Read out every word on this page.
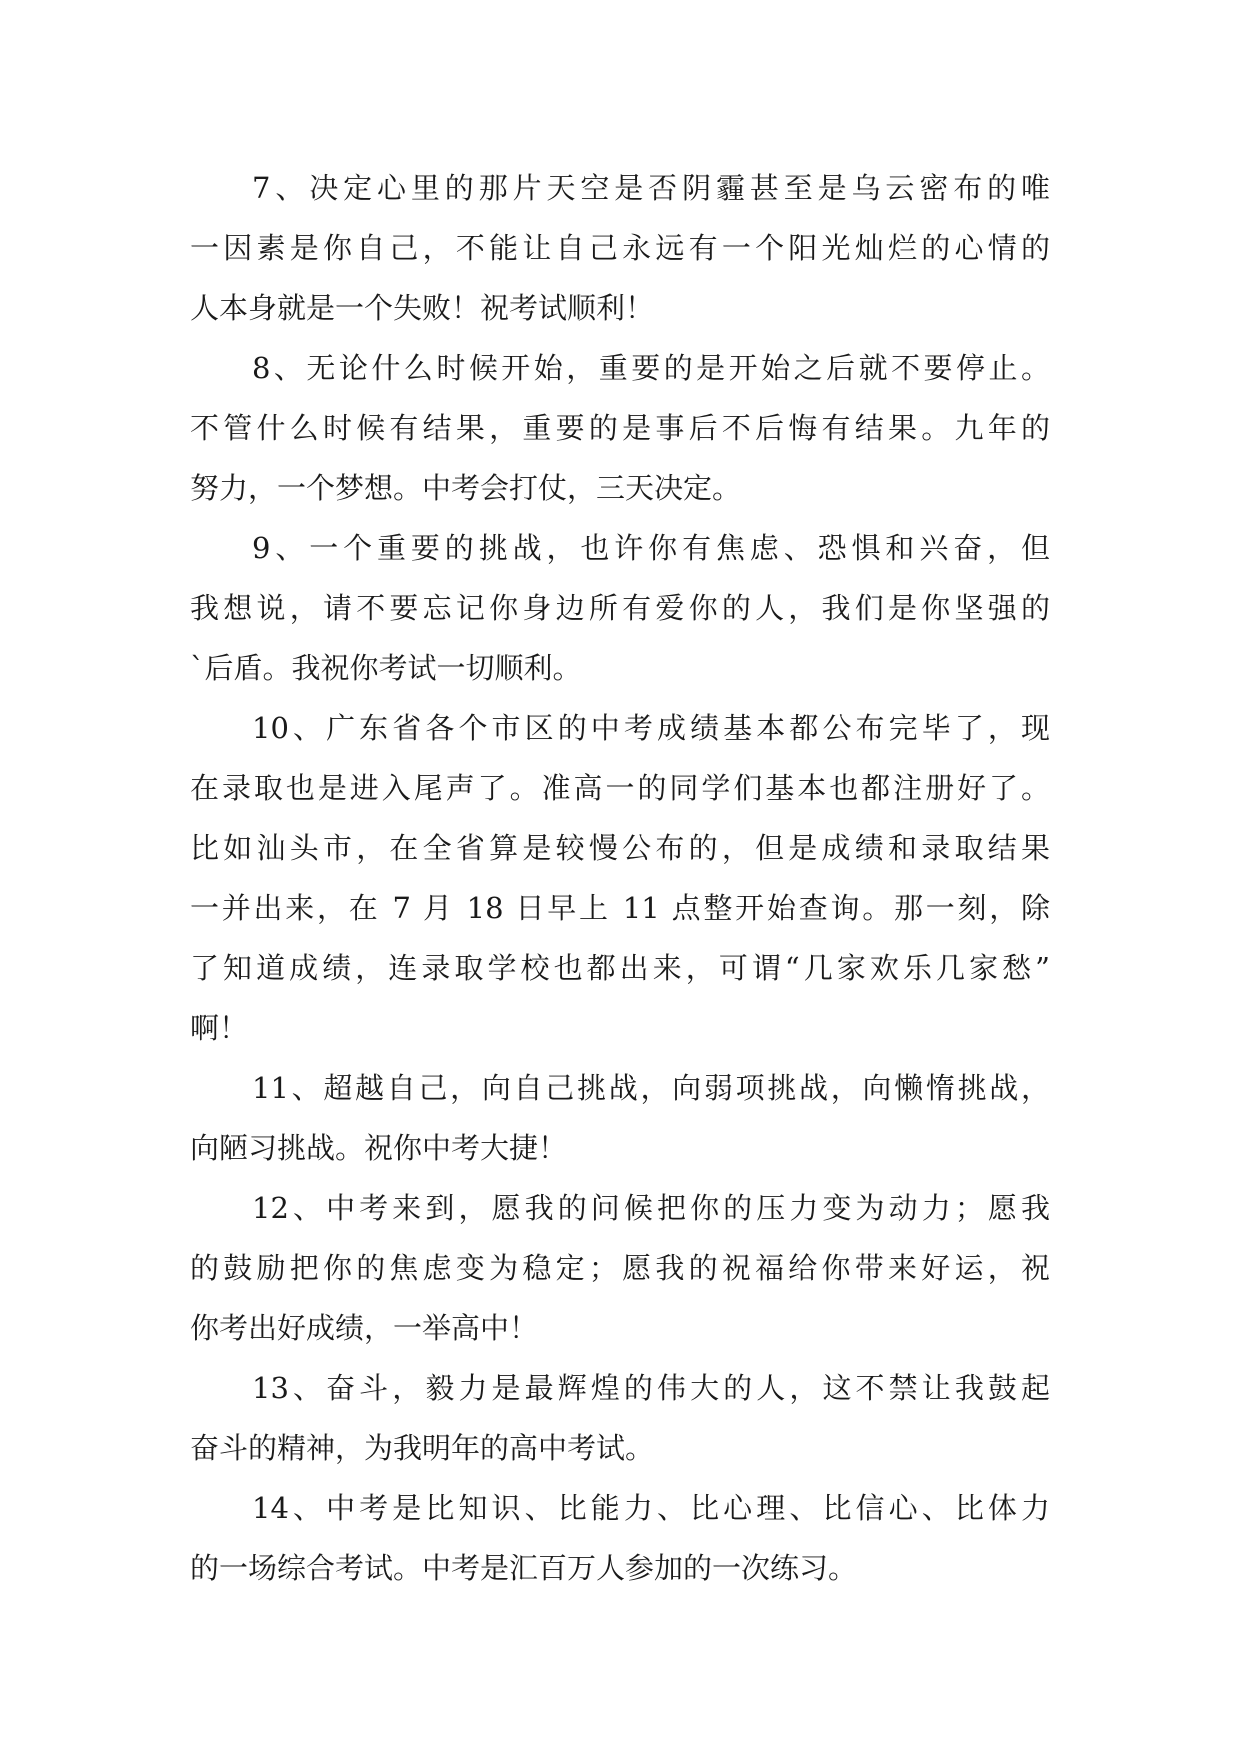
7、决定心里的那片天空是否阴霾甚至是乌云密布的唯
一因素是你自己，不能让自己永远有一个阳光灿烂的心情的
人本身就是一个失败！祝考试顺利！
8、无论什么时候开始，重要的是开始之后就不要停止。
不管什么时候有结果，重要的是事后不后悔有结果。九年的
努力，一个梦想。中考会打仗，三天决定。
9、一个重要的挑战，也许你有焦虑、恐惧和兴奋，但
我想说，请不要忘记你身边所有爱你的人，我们是你坚强的
`后盾。我祝你考试一切顺利。
10、广东省各个市区的中考成绩基本都公布完毕了，现
在录取也是进入尾声了。准高一的同学们基本也都注册好了。
比如汕头市，在全省算是较慢公布的，但是成绩和录取结果
一并出来，在 7 月 18 日早上 11 点整开始查询。那一刻，除
了知道成绩，连录取学校也都出来，可谓“几家欢乐几家愁”
啊！
11、超越自己，向自己挑战，向弱项挑战，向懒惰挑战，
向陋习挑战。祝你中考大捷！
12、中考来到，愿我的问候把你的压力变为动力；愿我
的鼓励把你的焦虑变为稳定；愿我的祝福给你带来好运，祝
你考出好成绩，一举高中！
13、奋斗，毅力是最辉煌的伟大的人，这不禁让我鼓起
奋斗的精神，为我明年的高中考试。
14、中考是比知识、比能力、比心理、比信心、比体力
的一场综合考试。中考是汇百万人参加的一次练习。
